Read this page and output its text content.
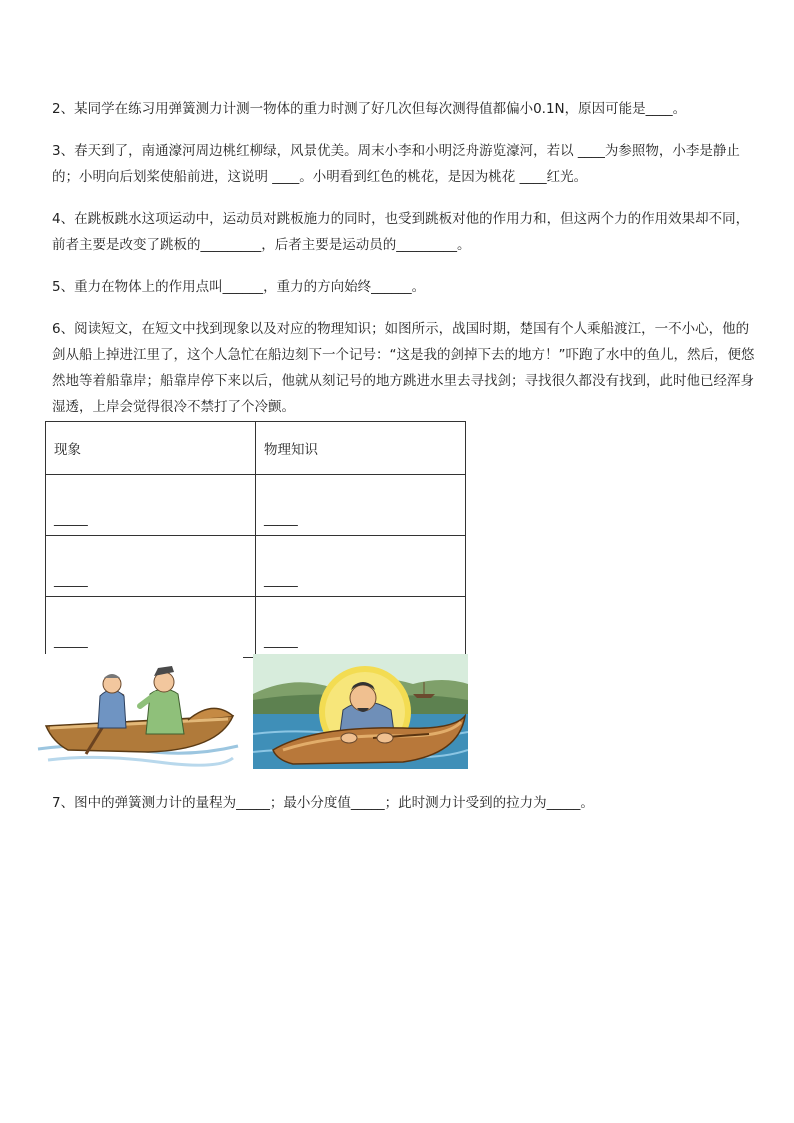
2、某同学在练习用弹簧测力计测一物体的重力时测了好几次但每次测得值都偏小0.1N，原因可能是____。

3、春天到了，南通濠河周边桃红柳绿，风景优美。周末小李和小明泛舟游览濠河，若以 ____为参照物，小李是静止的；小明向后划桨使船前进，这说明 ____。小明看到红色的桃花，是因为桃花 ____红光。

4、在跳板跳水这项运动中，运动员对跳板施力的同时，也受到跳板对他的作用力和，但这两个力的作用效果却不同，前者主要是改变了跳板的_________，后者主要是运动员的_________。

5、重力在物体上的作用点叫______，重力的方向始终______。

6、阅读短文，在短文中找到现象以及对应的物理知识；如图所示，战国时期，楚国有个人乘船渡江，一不小心，他的剑从船上掉进江里了，这个人急忙在船边刻下一个记号：“这是我的剑掉下去的地方！”吓跑了水中的鱼儿，然后，便悠然地等着船靠岸；船靠岸停下来以后，他就从刻记号的地方跳进水里去寻找剑；寻找很久都没有找到，此时他已经浑身湿透，上岸会觉得很冷不禁打了个冷颤。

现象	物理知识
_____	_____
_____	_____
_____	_____

7、图中的弹簧测力计的量程为_____；最小分度值_____；此时测力计受到的拉力为_____。
